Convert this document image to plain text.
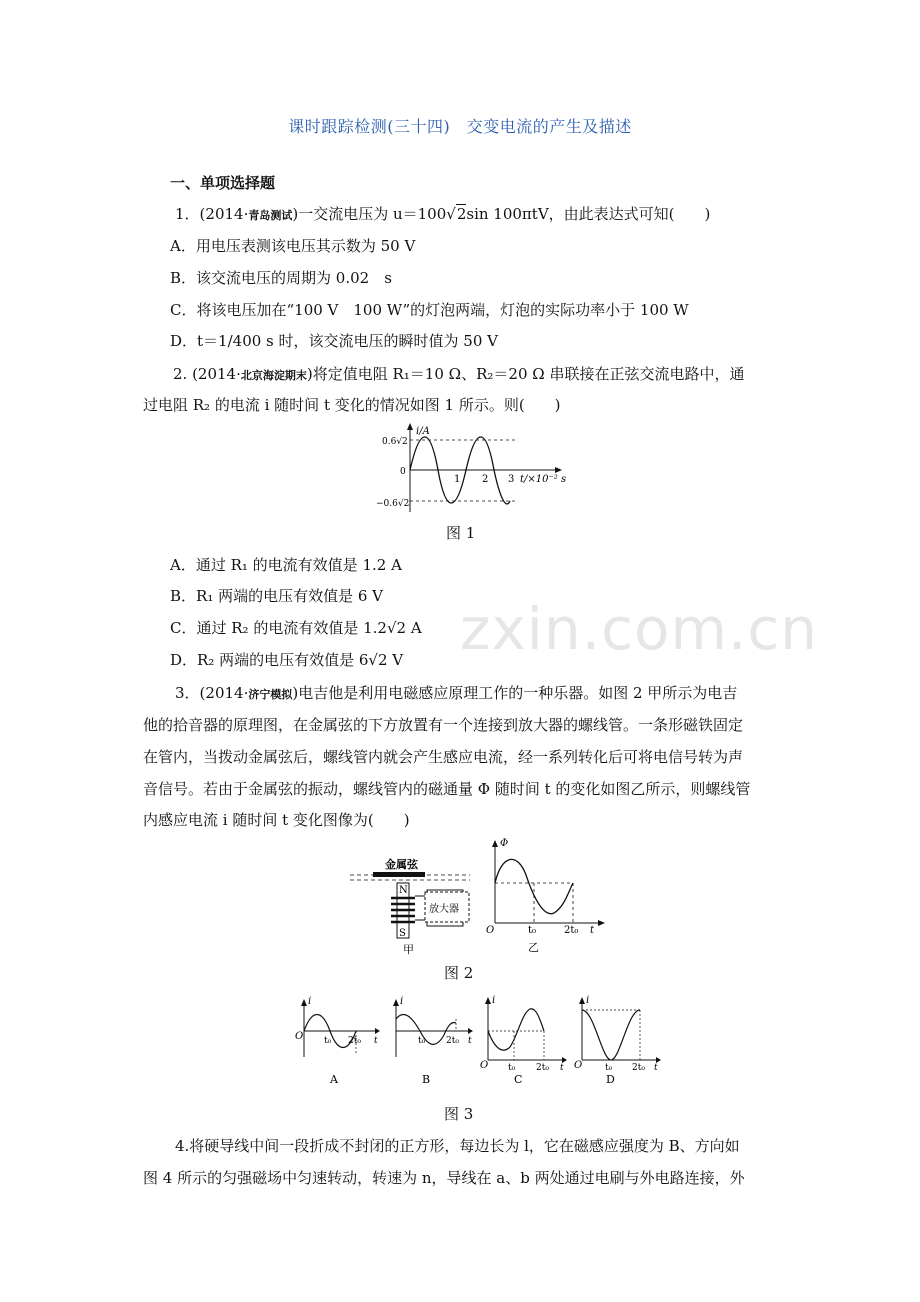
zxin.com.cn
课时跟踪检测(三十四)　交变电流的产生及描述
一、单项选择题
1．(2014·青岛测试)一交流电压为 u＝100√2sin 100πtV，由此表达式可知(　　)
A．用电压表测该电压其示数为 50 V
B．该交流电压的周期为 0.02　s
C．将该电压加在“100 V　100 W”的灯泡两端，灯泡的实际功率小于 100 W
D．t＝1/400 s 时，该交流电压的瞬时值为 50 V
2. (2014·北京海淀期末)将定值电阻 R₁＝10 Ω、R₂＝20 Ω 串联接在正弦交流电路中，通
过电阻 R₂ 的电流 i 随时间 t 变化的情况如图 1 所示。则(　　)
i/A
0.6√2
−0.6√2
0
1 2 3 t/×10⁻² s
图 1
A．通过 R₁ 的电流有效值是 1.2 A
B．R₁ 两端的电压有效值是 6 V
C．通过 R₂ 的电流有效值是 1.2√2 A
D．R₂ 两端的电压有效值是 6√2 V
3．(2014·济宁模拟)电吉他是利用电磁感应原理工作的一种乐器。如图 2 甲所示为电吉
他的拾音器的原理图，在金属弦的下方放置有一个连接到放大器的螺线管。一条形磁铁固定
在管内，当拨动金属弦后，螺线管内就会产生感应电流，经一系列转化后可将电信号转为声
音信号。若由于金属弦的振动，螺线管内的磁通量 Φ 随时间 t 的变化如图乙所示，则螺线管
内感应电流 i 随时间 t 变化图像为(　　)
金属弦
N
S
放大器
甲
Φ
O	t₀	2t₀ t
乙
图 2
i
O t₀ 2t₀ t
A
i
t₀ 2t₀ t
B
i
O t₀ 2t₀ t
C
i
O	t₀ 2t₀ t
D
图 3
4.将硬导线中间一段折成不封闭的正方形，每边长为 l，它在磁感应强度为 B、方向如
图 4 所示的匀强磁场中匀速转动，转速为 n，导线在 a、b 两处通过电刷与外电路连接，外
